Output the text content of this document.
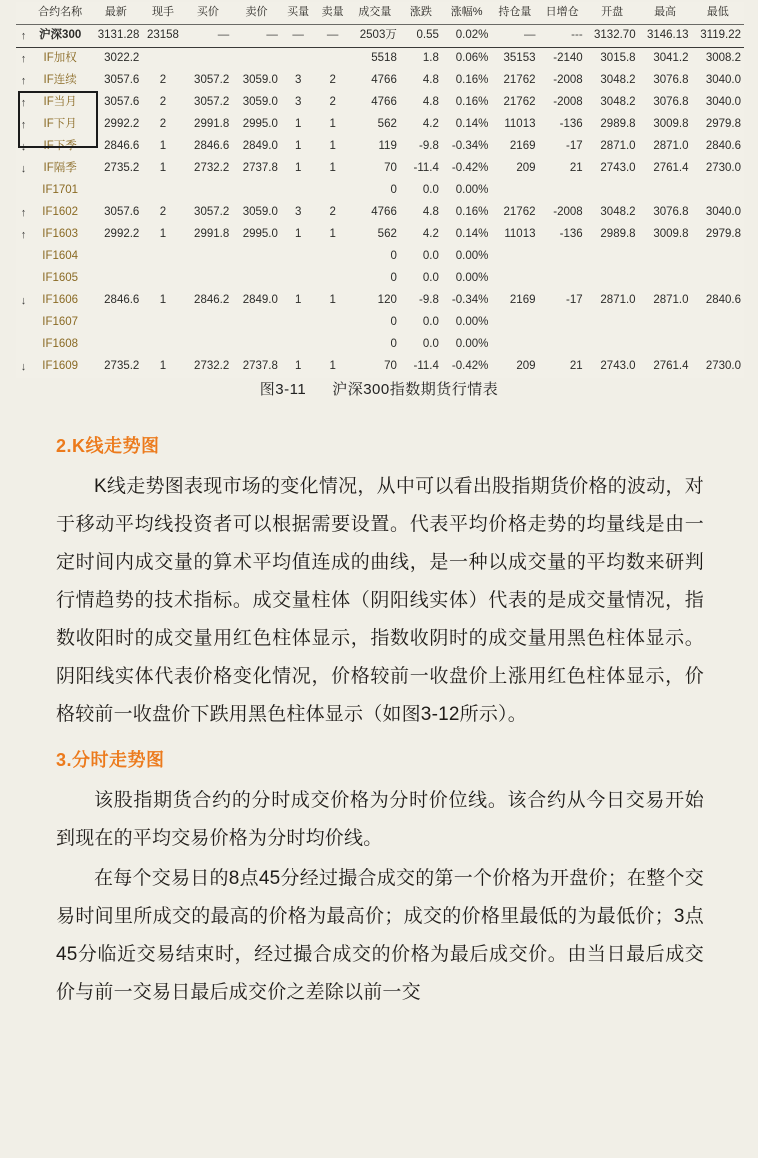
	合约名称	最新	现手	买价	卖价	买量	卖量	成交量	涨跌	涨幅%	持仓量	日增仓	开盘	最高	最低
↑	沪深300	3131.28	23158	—	—	—	—	2503万	0.55	0.02%	—	---	3132.70	3146.13	3119.22
↑	IF加权	3022.2						5518	1.8	0.06%	35153	-2140	3015.8	3041.2	3008.2
↑	IF连续	3057.6	2	3057.2	3059.0	3	2	4766	4.8	0.16%	21762	-2008	3048.2	3076.8	3040.0
↑	IF当月	3057.6	2	3057.2	3059.0	3	2	4766	4.8	0.16%	21762	-2008	3048.2	3076.8	3040.0
↑	IF下月	2992.2	2	2991.8	2995.0	1	1	562	4.2	0.14%	11013	-136	2989.8	3009.8	2979.8
↓	IF下季	2846.6	1	2846.6	2849.0	1	1	119	-9.8	-0.34%	2169	-17	2871.0	2871.0	2840.6
↓	IF隔季	2735.2	1	2732.2	2737.8	1	1	70	-11.4	-0.42%	209	21	2743.0	2761.4	2730.0
	IF1701							0	0.0	0.00%					
↑	IF1602	3057.6	2	3057.2	3059.0	3	2	4766	4.8	0.16%	21762	-2008	3048.2	3076.8	3040.0
↑	IF1603	2992.2	1	2991.8	2995.0	1	1	562	4.2	0.14%	11013	-136	2989.8	3009.8	2979.8
	IF1604							0	0.0	0.00%					
	IF1605							0	0.0	0.00%					
↓	IF1606	2846.6	1	2846.2	2849.0	1	1	120	-9.8	-0.34%	2169	-17	2871.0	2871.0	2840.6
	IF1607							0	0.0	0.00%					
	IF1608							0	0.0	0.00%					
↓	IF1609	2735.2	1	2732.2	2737.8	1	1	70	-11.4	-0.42%	209	21	2743.0	2761.4	2730.0
图3-11 沪深300指数期货行情表
2.K线走势图

K线走势图表现市场的变化情况，从中可以看出股指期货价格的波动，对于移动平均线投资者可以根据需要设置。代表平均价格走势的均量线是由一定时间内成交量的算术平均值连成的曲线，是一种以成交量的平均数来研判行情趋势的技术指标。成交量柱体（阴阳线实体）代表的是成交量情况，指数收阳时的成交量用红色柱体显示，指数收阴时的成交量用黑色柱体显示。阴阳线实体代表价格变化情况，价格较前一收盘价上涨用红色柱体显示，价格较前一收盘价下跌用黑色柱体显示（如图3-12所示）。

3.分时走势图

该股指期货合约的分时成交价格为分时价位线。该合约从今日交易开始到现在的平均交易价格为分时均价线。

在每个交易日的8点45分经过撮合成交的第一个价格为开盘价；在整个交易时间里所成交的最高的价格为最高价；成交的价格里最低的为最低价；3点45分临近交易结束时，经过撮合成交的价格为最后成交价。由当日最后成交价与前一交易日最后成交价之差除以前一交
